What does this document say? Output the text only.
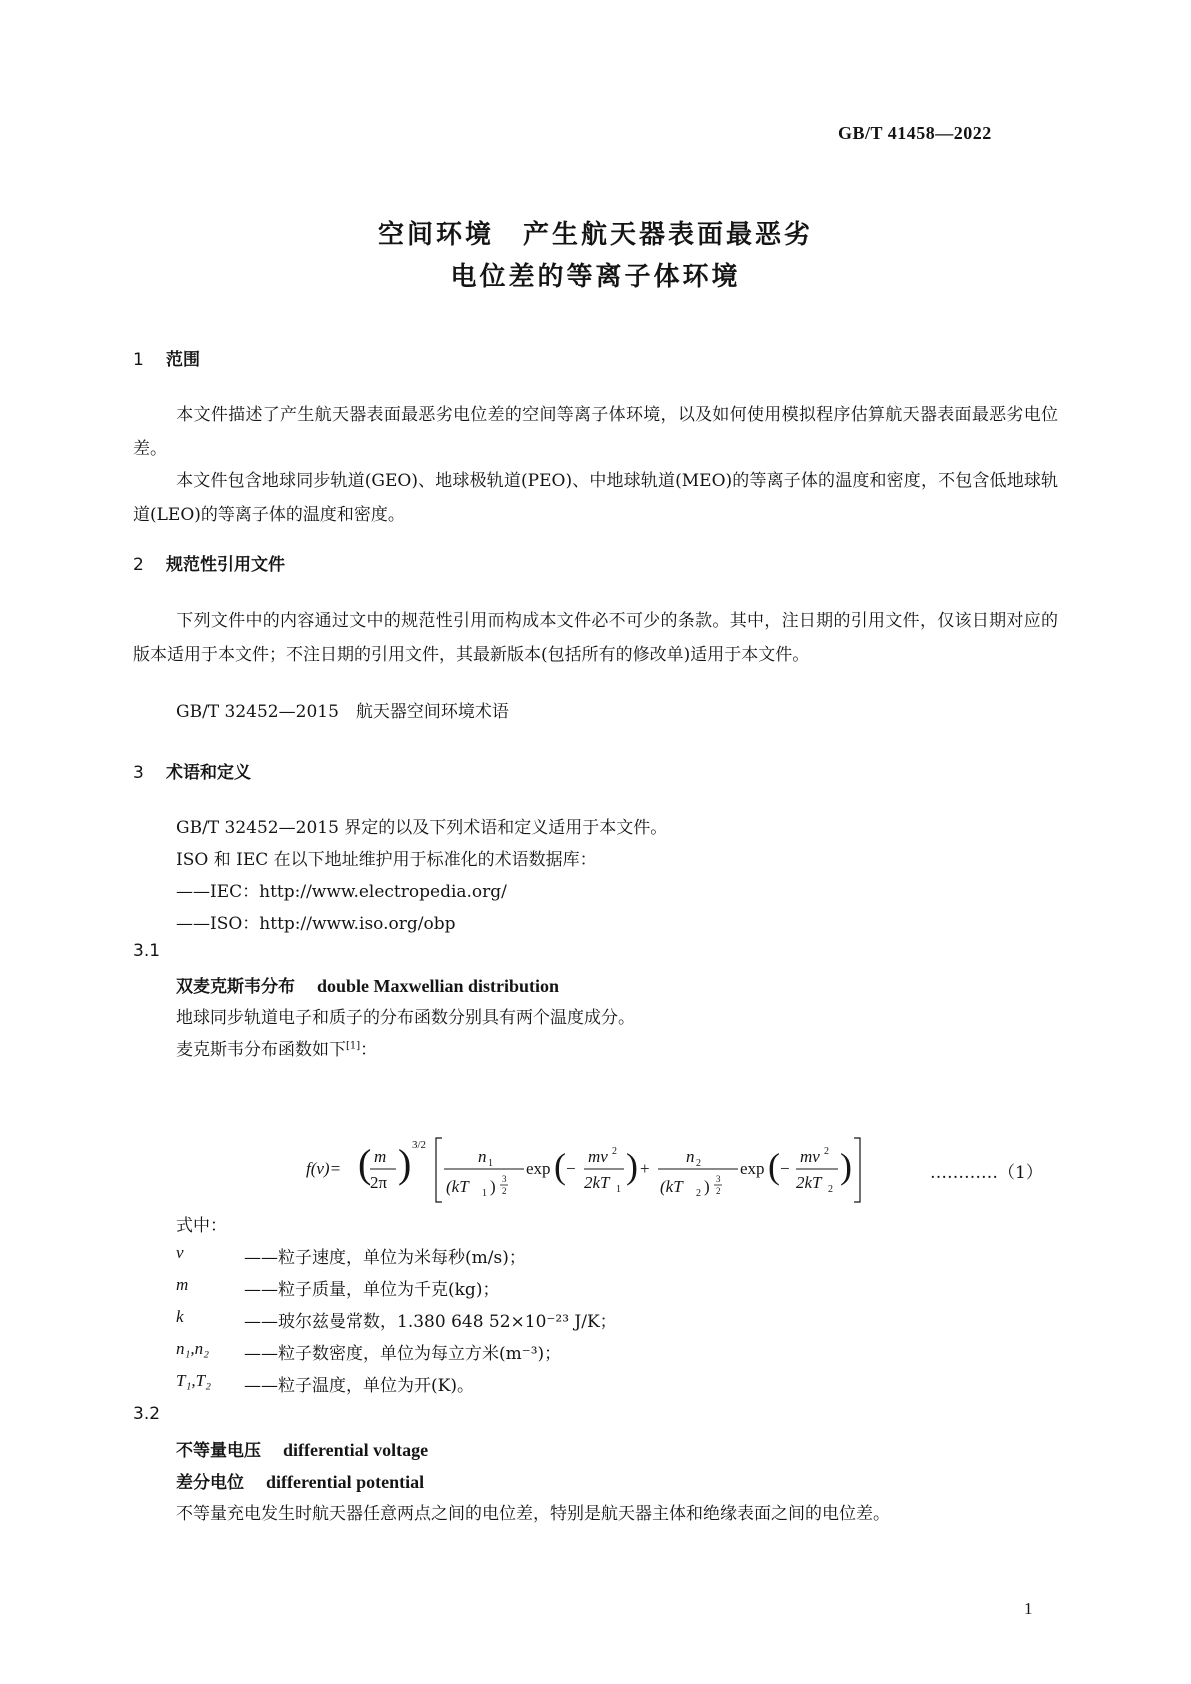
GB/T 41458—2022
空间环境　产生航天器表面最恶劣
电位差的等离子体环境
1 范围
本文件描述了产生航天器表面最恶劣电位差的空间等离子体环境，以及如何使用模拟程序估算航天器表面最恶劣电位差。
本文件包含地球同步轨道(GEO)、地球极轨道(PEO)、中地球轨道(MEO)的等离子体的温度和密度，不包含低地球轨道(LEO)的等离子体的温度和密度。
2 规范性引用文件
下列文件中的内容通过文中的规范性引用而构成本文件必不可少的条款。其中，注日期的引用文件，仅该日期对应的版本适用于本文件；不注日期的引用文件，其最新版本(包括所有的修改单)适用于本文件。
GB/T 32452—2015　航天器空间环境术语
3 术语和定义
GB/T 32452—2015 界定的以及下列术语和定义适用于本文件。
ISO 和 IEC 在以下地址维护用于标准化的术语数据库：
——IEC：http://www.electropedia.org/
——ISO：http://www.iso.org/obp
3.1
双麦克斯韦分布 double Maxwellian distribution
地球同步轨道电子和质子的分布函数分别具有两个温度成分。
麦克斯韦分布函数如下[1]：
f(v)= ( m
2π ) 3/2
n 1
(kT 1 ) 3
2
exp ( −
mv 2
2kT 1
) +
n 2
(kT 2 ) 3
2
exp ( −
mv 2
2kT 2
)	…………（1）
式中：
v	——粒子速度，单位为米每秒(m/s)；
m	——粒子质量，单位为千克(kg)；
k	——玻尔兹曼常数，1.380 648 52×10⁻²³ J/K；
n₁,n₂ ——粒子数密度，单位为每立方米(m⁻³)；
T₁,T₂ ——粒子温度，单位为开(K)。
3.2
不等量电压 differential voltage
差分电位 differential potential
不等量充电发生时航天器任意两点之间的电位差，特别是航天器主体和绝缘表面之间的电位差。
1
